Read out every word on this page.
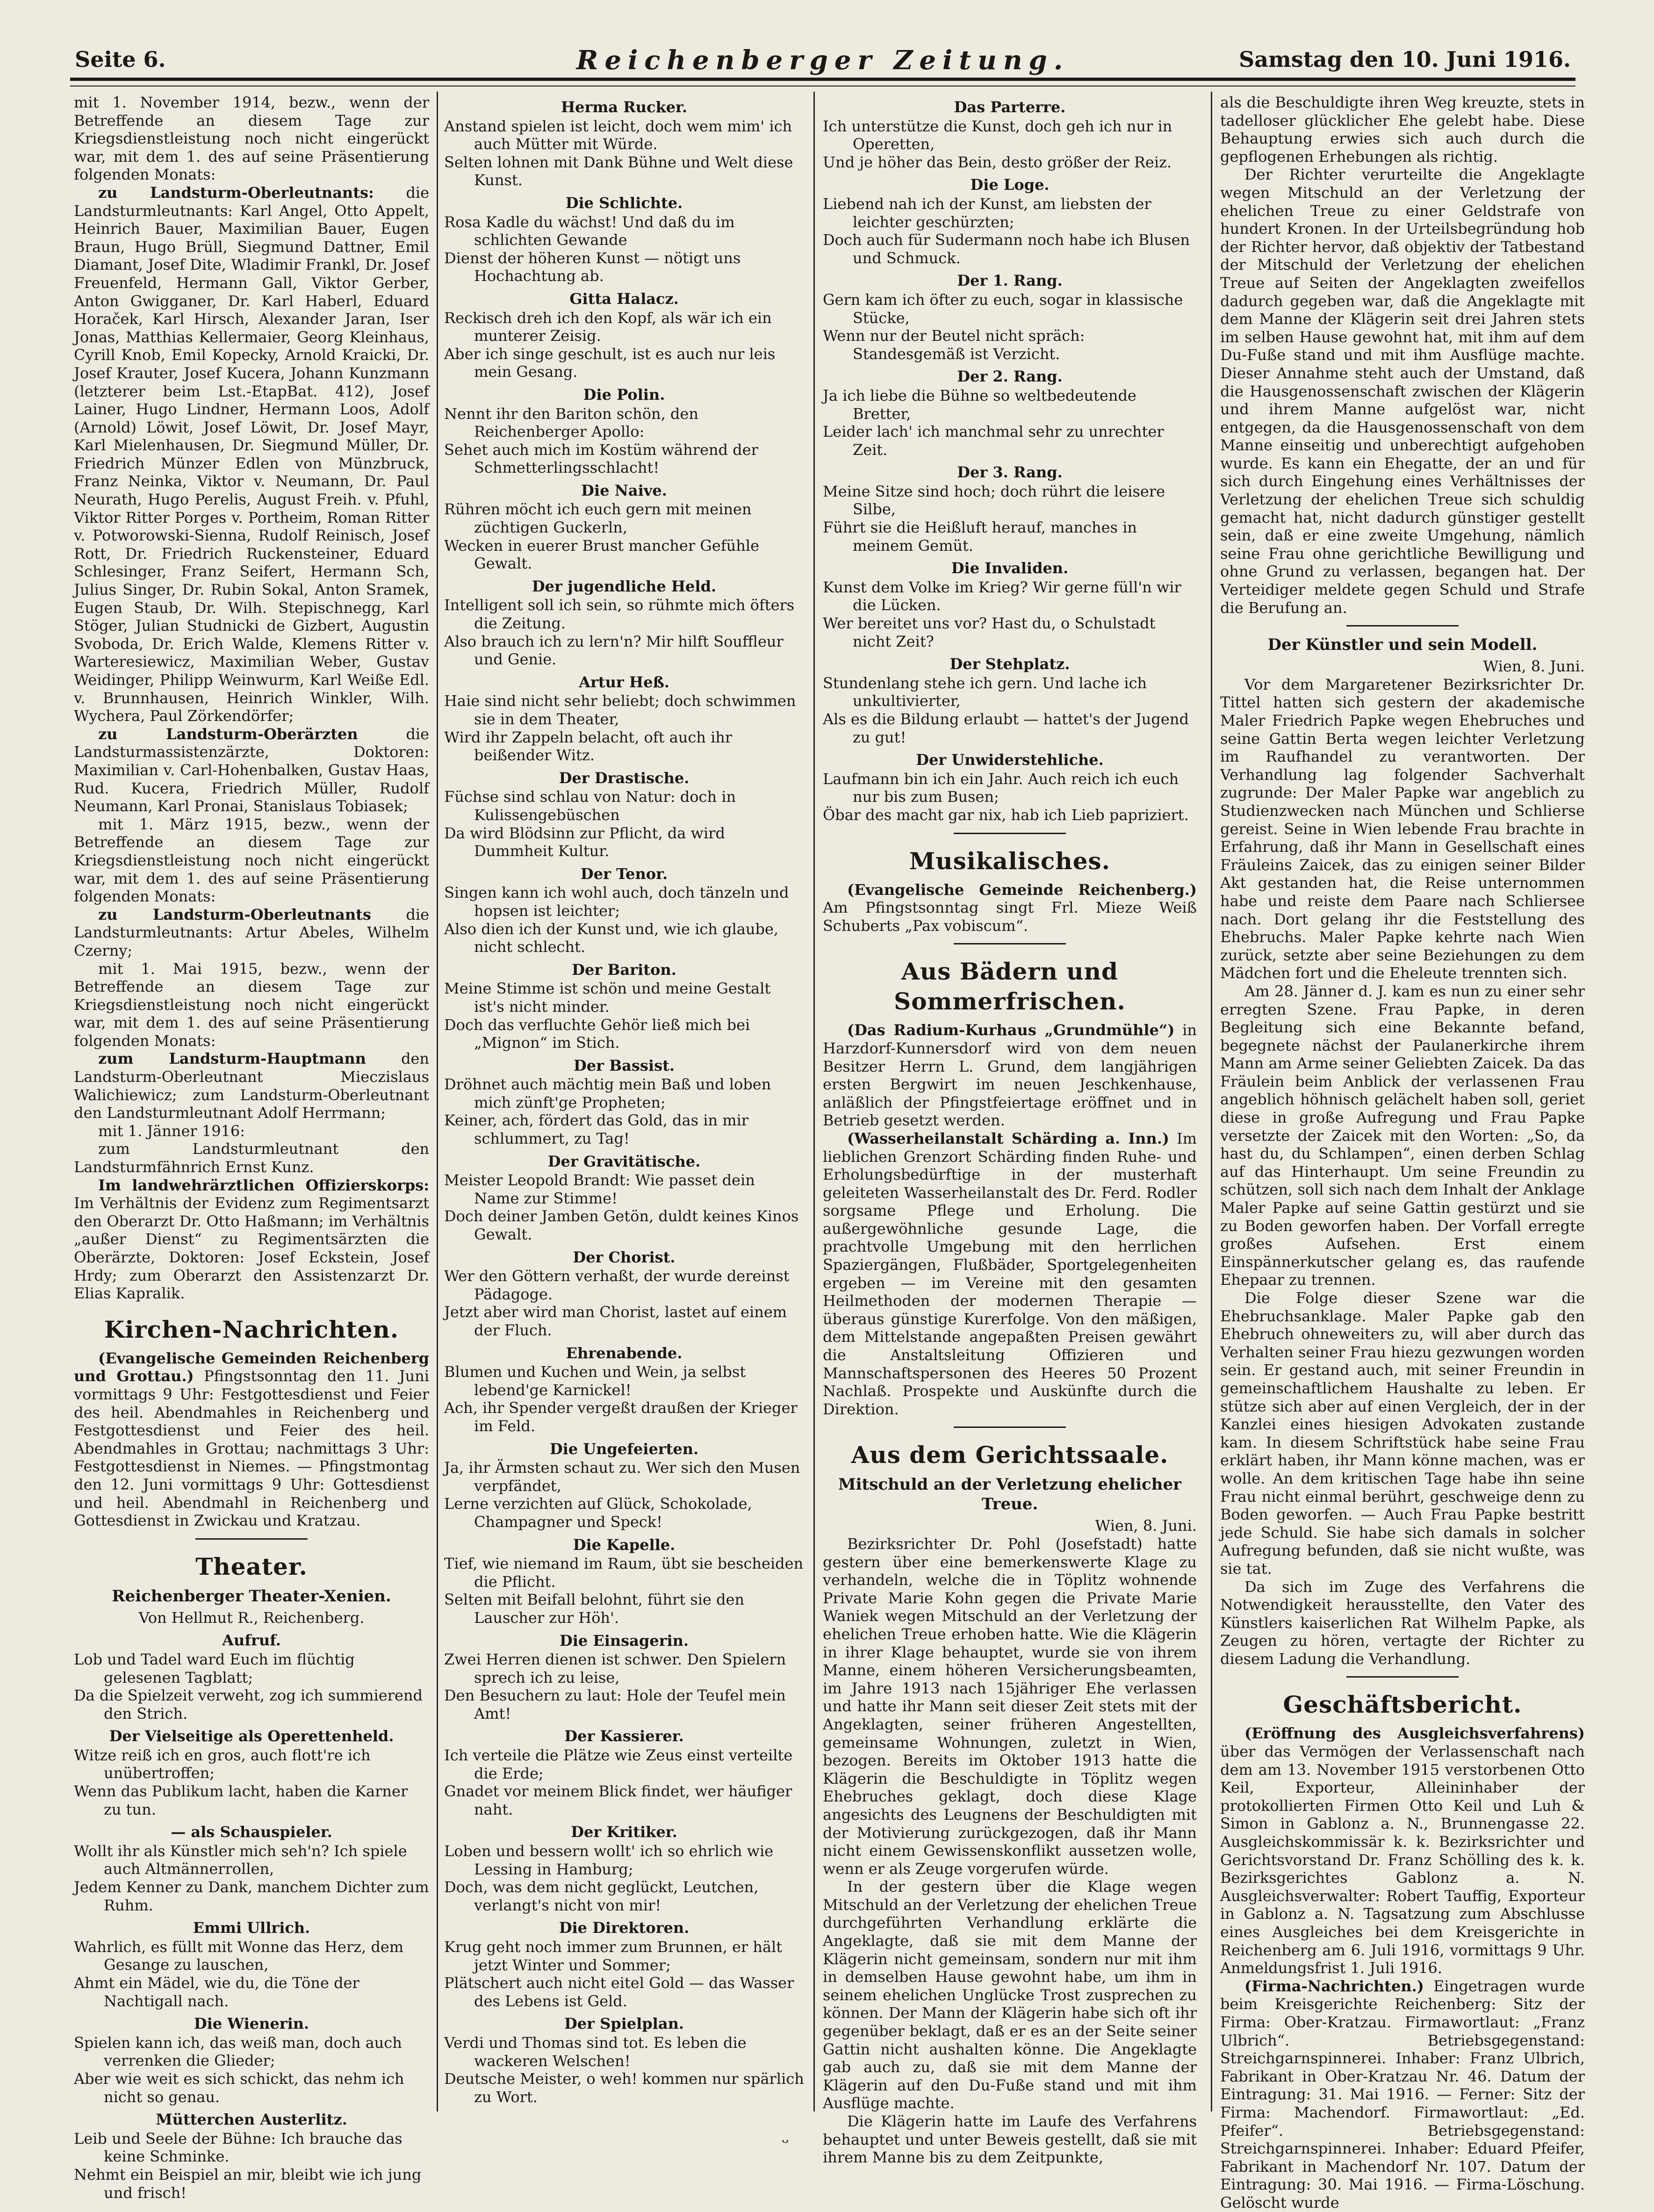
Seite 6.	Reichenberger Zeitung.	Samstag den 10. Juni 1916.

mit 1. November 1914, bezw., wenn der Betreffende an diesem Tage zur Kriegsdienstleistung noch nicht eingerückt war, mit dem 1. des auf seine Präsentierung folgenden Monats:

zu Landsturm-Oberleutnants: die Landsturmleutnants: Karl Angel, Otto Appelt, Heinrich Bauer, Maximilian Bauer, Eugen Braun, Hugo Brüll, Siegmund Dattner, Emil Diamant, Josef Dite, Wladimir Frankl, Dr. Josef Freuenfeld, Hermann Gall, Viktor Gerber, Anton Gwigganer, Dr. Karl Haberl, Eduard Horaček, Karl Hirsch, Alexander Jaran, Iser Jonas, Matthias Kellermaier, Georg Kleinhaus, Cyrill Knob, Emil Kopecky, Arnold Kraicki, Dr. Josef Krauter, Josef Kucera, Johann Kunzmann (letzterer beim Lst.-EtapBat. 412), Josef Lainer, Hugo Lindner, Hermann Loos, Adolf (Arnold) Löwit, Josef Löwit, Dr. Josef Mayr, Karl Mielenhausen, Dr. Siegmund Müller, Dr. Friedrich Münzer Edlen von Münzbruck, Franz Neinka, Viktor v. Neumann, Dr. Paul Neurath, Hugo Perelis, August Freih. v. Pfuhl, Viktor Ritter Porges v. Portheim, Roman Ritter v. Potworowski-Sienna, Rudolf Reinisch, Josef Rott, Dr. Friedrich Ruckensteiner, Eduard Schlesinger, Franz Seifert, Hermann Sch, Julius Singer, Dr. Rubin Sokal, Anton Sramek, Eugen Staub, Dr. Wilh. Stepischnegg, Karl Stöger, Julian Studnicki de Gizbert, Augustin Svoboda, Dr. Erich Walde, Klemens Ritter v. Warteresiewicz, Maximilian Weber, Gustav Weidinger, Philipp Weinwurm, Karl Weiße Edl. v. Brunnhausen, Heinrich Winkler, Wilh. Wychera, Paul Zörkendörfer;

zu Landsturm-Oberärzten	die Landsturmassistenzärzte, Doktoren: Maximilian v. Carl-Hohenbalken, Gustav Haas, Rud. Kucera, Friedrich Müller, Rudolf Neumann, Karl Pronai, Stanislaus Tobiasek;

mit 1. März 1915, bezw., wenn der Betreffende an diesem Tage zur Kriegsdienstleistung noch nicht eingerückt war, mit dem 1. des auf seine Präsentierung folgenden Monats:

zu Landsturm-Oberleutnants die Landsturmleutnants: Artur Abeles, Wilhelm Czerny;

mit 1. Mai 1915, bezw., wenn der Betreffende an diesem Tage zur Kriegsdienstleistung noch nicht eingerückt war, mit dem 1. des auf seine Präsentierung folgenden Monats:

zum Landsturm-Hauptmann den Landsturm-Oberleutnant Mieczislaus Walichiewicz; zum Landsturm-Oberleutnant den Landsturmleutnant Adolf Herrmann;

mit 1. Jänner 1916:

zum Landsturmleutnant den Landsturmfähnrich Ernst Kunz.

Im landwehrärztlichen Offizierskorps: Im Verhältnis der Evidenz zum Regimentsarzt den Oberarzt Dr. Otto Haßmann; im Verhältnis „außer Dienst“ zu Regimentsärzten die Oberärzte, Doktoren: Josef Eckstein, Josef Hrdy; zum Oberarzt den Assistenzarzt Dr. Elias Kapralik.

Kirchen-Nachrichten.

(Evangelische Gemeinden Reichenberg und Grottau.) Pfingstsonntag den 11. Juni vormittags 9 Uhr: Festgottesdienst und Feier des heil. Abendmahles in Reichenberg und Festgottesdienst und Feier des heil. Abendmahles in Grottau; nachmittags 3 Uhr: Festgottesdienst in Niemes. — Pfingstmontag den 12. Juni vormittags 9 Uhr: Gottesdienst und heil. Abendmahl in Reichenberg und Gottesdienst in Zwickau und Kratzau.

Theater.
Reichenberger Theater-Xenien.

Von Hellmut R., Reichenberg.

Aufruf.

Lob und Tadel ward Euch im flüchtig gelesenen Tagblatt;

Da die Spielzeit verweht, zog ich summierend den Strich.

Der Vielseitige als Operettenheld.

Witze reiß ich en gros, auch flott're ich unübertroffen;

Wenn das Publikum lacht, haben die Karner zu tun.

— als Schauspieler.

Wollt ihr als Künstler mich seh'n? Ich spiele auch Altmännerrollen,

Jedem Kenner zu Dank, manchem Dichter zum Ruhm.

Emmi Ullrich.

Wahrlich, es füllt mit Wonne das Herz, dem Gesange zu lauschen,

Ahmt ein Mädel, wie du, die Töne der Nachtigall nach.

Die Wienerin.

Spielen kann ich, das weiß man, doch auch verrenken die Glieder;

Aber wie weit es sich schickt, das nehm ich nicht so genau.

Mütterchen Austerlitz.

Leib und Seele der Bühne: Ich brauche das keine Schminke.

Nehmt ein Beispiel an mir, bleibt wie ich jung und frisch!

Herma Rucker.

Anstand spielen ist leicht, doch wem mim' ich auch Mütter mit Würde.

Selten lohnen mit Dank Bühne und Welt diese Kunst.

Die Schlichte.

Rosa Kadle du wächst! Und daß du im schlichten Gewande

Dienst der höheren Kunst — nötigt uns Hochachtung ab.

Gitta Halacz.

Reckisch dreh ich den Kopf, als wär ich ein munterer Zeisig.

Aber ich singe geschult, ist es auch nur leis mein Gesang.

Die Polin.

Nennt ihr den Bariton schön, den Reichenberger Apollo:

Sehet auch mich im Kostüm während der Schmetterlingsschlacht!

Die Naive.

Rühren möcht ich euch gern mit meinen züchtigen Guckerln,

Wecken in euerer Brust mancher Gefühle Gewalt.

Der jugendliche Held.

Intelligent soll ich sein, so rühmte mich öfters die Zeitung.

Also brauch ich zu lern'n? Mir hilft Souffleur und Genie.

Artur Heß.

Haie sind nicht sehr beliebt; doch schwimmen sie in dem Theater,

Wird ihr Zappeln belacht, oft auch ihr beißender Witz.

Der Drastische.

Füchse sind schlau von Natur: doch in Kulissengebüschen

Da wird Blödsinn zur Pflicht, da wird Dummheit Kultur.

Der Tenor.

Singen kann ich wohl auch, doch tänzeln und hopsen ist leichter;

Also dien ich der Kunst und, wie ich glaube, nicht schlecht.

Der Bariton.

Meine Stimme ist schön und meine Gestalt ist's nicht minder.

Doch das verfluchte Gehör ließ mich bei „Mignon“ im Stich.

Der Bassist.

Dröhnet auch mächtig mein Baß und loben mich zünft'ge Propheten;

Keiner, ach, fördert das Gold, das in mir schlummert, zu Tag!

Der Gravitätische.

Meister Leopold Brandt: Wie passet dein Name zur Stimme!

Doch deiner Jamben Getön, duldt keines Kinos Gewalt.

Der Chorist.

Wer den Göttern verhaßt, der wurde dereinst Pädagoge.

Jetzt aber wird man Chorist, lastet auf einem der Fluch.

Ehrenabende.

Blumen und Kuchen und Wein, ja selbst lebend'ge Karnickel!

Ach, ihr Spender vergeßt draußen der Krieger im Feld.

Die Ungefeierten.

Ja, ihr Ärmsten schaut zu. Wer sich den Musen verpfändet,

Lerne verzichten auf Glück, Schokolade, Champagner und Speck!

Die Kapelle.

Tief, wie niemand im Raum, übt sie bescheiden die Pflicht.

Selten mit Beifall belohnt, führt sie den Lauscher zur Höh'.

Die Einsagerin.

Zwei Herren dienen ist schwer. Den Spielern sprech ich zu leise,

Den Besuchern zu laut: Hole der Teufel mein Amt!

Der Kassierer.

Ich verteile die Plätze wie Zeus einst verteilte die Erde;

Gnadet vor meinem Blick findet, wer häufiger naht.

Der Kritiker.

Loben und bessern wollt' ich so ehrlich wie Lessing in Hamburg;

Doch, was dem nicht geglückt, Leutchen, verlangt's nicht von mir!

Die Direktoren.

Krug geht noch immer zum Brunnen, er hält jetzt Winter und Sommer;

Plätschert auch nicht eitel Gold — das Wasser des Lebens ist Geld.

Der Spielplan.

Verdi und Thomas sind tot. Es leben die wackeren Welschen!

Deutsche Meister, o weh! kommen nur spärlich zu Wort.

Das Parterre.

Ich unterstütze die Kunst, doch geh ich nur in Operetten,

Und je höher das Bein, desto größer der Reiz.

Die Loge.

Liebend nah ich der Kunst, am liebsten der leichter geschürzten;

Doch auch für Sudermann noch habe ich Blusen und Schmuck.

Der 1. Rang.

Gern kam ich öfter zu euch, sogar in klassische Stücke,

Wenn nur der Beutel nicht spräch: Standesgemäß ist Verzicht.

Der 2. Rang.

Ja ich liebe die Bühne so weltbedeutende Bretter,

Leider lach' ich manchmal sehr zu unrechter Zeit.

Der 3. Rang.

Meine Sitze sind hoch; doch rührt die leisere Silbe,

Führt sie die Heißluft herauf, manches in meinem Gemüt.

Die Invaliden.

Kunst dem Volke im Krieg? Wir gerne füll'n wir die Lücken.

Wer bereitet uns vor? Hast du, o Schulstadt nicht Zeit?

Der Stehplatz.

Stundenlang stehe ich gern. Und lache ich unkultivierter,

Als es die Bildung erlaubt — hattet's der Jugend zu gut!

Der Unwiderstehliche.

Laufmann bin ich ein Jahr. Auch reich ich euch nur bis zum Busen;

Öbar des macht gar nix, hab ich Lieb papriziert.

Musikalisches.

(Evangelische Gemeinde Reichenberg.) Am Pfingstsonntag singt Frl. Mieze Weiß Schuberts „Pax vobiscum“.

Aus Bädern und Sommerfrischen.

(Das Radium-Kurhaus „Grundmühle“) in Harzdorf-Kunnersdorf wird von dem neuen Besitzer Herrn L. Grund, dem langjährigen ersten Bergwirt im neuen Jeschkenhause, anläßlich der Pfingstfeiertage eröffnet und in Betrieb gesetzt werden.

(Wasserheilanstalt Schärding a. Inn.) Im lieblichen Grenzort Schärding finden Ruhe- und Erholungsbedürftige in der musterhaft geleiteten Wasserheilanstalt des Dr. Ferd. Rodler sorgsame Pflege und Erholung. Die außergewöhnliche gesunde Lage, die prachtvolle Umgebung mit den herrlichen Spaziergängen, Flußbäder, Sportgelegenheiten ergeben — im Vereine mit den gesamten Heilmethoden der modernen Therapie — überaus günstige Kurerfolge. Von den mäßigen, dem Mittelstande angepaßten Preisen gewährt die Anstaltsleitung Offizieren und Mannschaftspersonen des Heeres 50 Prozent Nachlaß. Prospekte und Auskünfte durch die Direktion.

Aus dem Gerichtssaale.
Mitschuld an der Verletzung ehelicher Treue.

Wien, 8. Juni.

Bezirksrichter Dr. Pohl (Josefstadt) hatte gestern über eine bemerkenswerte Klage zu verhandeln, welche die in Töplitz wohnende Private Marie Kohn gegen die Private Marie Waniek wegen Mitschuld an der Verletzung der ehelichen Treue erhoben hatte. Wie die Klägerin in ihrer Klage behauptet, wurde sie von ihrem Manne, einem höheren Versicherungsbeamten, im Jahre 1913 nach 15jähriger Ehe verlassen und hatte ihr Mann seit dieser Zeit stets mit der Angeklagten, seiner früheren Angestellten, gemeinsame Wohnungen, zuletzt in Wien, bezogen. Bereits im Oktober 1913 hatte die Klägerin die Beschuldigte in Töplitz wegen Ehebruches geklagt, doch diese Klage angesichts des Leugnens der Beschuldigten mit der Motivierung zurückgezogen, daß ihr Mann nicht einem Gewissenskonflikt aussetzen wolle, wenn er als Zeuge vorgerufen würde.

In der gestern über die Klage wegen Mitschuld an der Verletzung der ehelichen Treue durchgeführten Verhandlung erklärte die Angeklagte, daß sie mit dem Manne der Klägerin nicht gemeinsam, sondern nur mit ihm in demselben Hause gewohnt habe, um ihm in seinem ehelichen Unglücke Trost zusprechen zu können. Der Mann der Klägerin habe sich oft ihr gegenüber beklagt, daß er es an der Seite seiner Gattin nicht aushalten könne. Die Angeklagte gab auch zu, daß sie mit dem Manne der Klägerin auf den Du-Fuße stand und mit ihm Ausflüge machte.

Die Klägerin hatte im Laufe des Verfahrens behauptet und unter Beweis gestellt, daß sie mit ihrem Manne bis zu dem Zeitpunkte,

als die Beschuldigte ihren Weg kreuzte, stets in tadelloser glücklicher Ehe gelebt habe. Diese Behauptung erwies sich auch durch die gepflogenen Erhebungen als richtig.

Der Richter verurteilte die Angeklagte wegen Mitschuld an der Verletzung der ehelichen Treue zu einer Geldstrafe von hundert Kronen. In der Urteilsbegründung hob der Richter hervor, daß objektiv der Tatbestand der Mitschuld der Verletzung der ehelichen Treue auf Seiten der Angeklagten zweifellos dadurch gegeben war, daß die Angeklagte mit dem Manne der Klägerin seit drei Jahren stets im selben Hause gewohnt hat, mit ihm auf dem Du-Fuße stand und mit ihm Ausflüge machte. Dieser Annahme steht auch der Umstand, daß die Hausgenossenschaft zwischen der Klägerin und ihrem Manne aufgelöst war, nicht entgegen, da die Hausgenossenschaft von dem Manne einseitig und unberechtigt aufgehoben wurde. Es kann ein Ehegatte, der an und für sich durch Eingehung eines Verhältnisses der Verletzung der ehelichen Treue sich schuldig gemacht hat, nicht dadurch günstiger gestellt sein, daß er eine zweite Umgehung, nämlich seine Frau ohne gerichtliche Bewilligung und ohne Grund zu verlassen, begangen hat. Der Verteidiger meldete gegen Schuld und Strafe die Berufung an.

Der Künstler und sein Modell.

Wien, 8. Juni.

Vor dem Margaretener Bezirksrichter Dr. Tittel hatten sich gestern der akademische Maler Friedrich Papke wegen Ehebruches und seine Gattin Berta wegen leichter Verletzung im Raufhandel zu verantworten. Der Verhandlung lag folgender Sachverhalt zugrunde: Der Maler Papke war angeblich zu Studienzwecken nach München und Schlierse gereist. Seine in Wien lebende Frau brachte in Erfahrung, daß ihr Mann in Gesellschaft eines Fräuleins Zaicek, das zu einigen seiner Bilder Akt gestanden hat, die Reise unternommen habe und reiste dem Paare nach Schliersee nach. Dort gelang ihr die Feststellung des Ehebruchs. Maler Papke kehrte nach Wien zurück, setzte aber seine Beziehungen zu dem Mädchen fort und die Eheleute trennten sich.

Am 28. Jänner d. J. kam es nun zu einer sehr erregten Szene. Frau Papke, in deren Begleitung sich eine Bekannte befand, begegnete nächst der Paulanerkirche ihrem Mann am Arme seiner Geliebten Zaicek. Da das Fräulein beim Anblick der verlassenen Frau angeblich höhnisch gelächelt haben soll, geriet diese in große Aufregung und Frau Papke versetzte der Zaicek mit den Worten: „So, da hast du, du Schlampen“, einen derben Schlag auf das Hinterhaupt. Um seine Freundin zu schützen, soll sich nach dem Inhalt der Anklage Maler Papke auf seine Gattin gestürzt und sie zu Boden geworfen haben. Der Vorfall erregte großes Aufsehen. Erst einem Einspännerkutscher gelang es, das raufende Ehepaar zu trennen.

Die Folge dieser Szene war die Ehebruchsanklage. Maler Papke gab den Ehebruch ohneweiters zu, will aber durch das Verhalten seiner Frau hiezu gezwungen worden sein. Er gestand auch, mit seiner Freundin in gemeinschaftlichem Haushalte zu leben. Er stütze sich aber auf einen Vergleich, der in der Kanzlei eines hiesigen Advokaten zustande kam. In diesem Schriftstück habe seine Frau erklärt haben, ihr Mann könne machen, was er wolle. An dem kritischen Tage habe ihn seine Frau nicht einmal berührt, geschweige denn zu Boden geworfen. — Auch Frau Papke bestritt jede Schuld. Sie habe sich damals in solcher Aufregung befunden, daß sie nicht wußte, was sie tat.

Da sich im Zuge des Verfahrens die Notwendigkeit herausstellte, den Vater des Künstlers kaiserlichen Rat Wilhelm Papke, als Zeugen zu hören, vertagte der Richter zu diesem Ladung die Verhandlung.

Geschäftsbericht.

(Eröffnung des Ausgleichsverfahrens) über das Vermögen der Verlassenschaft nach dem am 13. November 1915 verstorbenen Otto Keil, Exporteur, Alleininhaber der protokollierten Firmen Otto Keil und Luh & Simon in Gablonz a. N., Brunnengasse 22. Ausgleichskommissär k. k. Bezirksrichter und Gerichtsvorstand Dr. Franz Schölling des k. k. Bezirksgerichtes Gablonz a. N. Ausgleichsverwalter: Robert Tauffig, Exporteur in Gablonz a. N. Tagsatzung zum Abschlusse eines Ausgleiches bei dem Kreisgerichte in Reichenberg am 6. Juli 1916, vormittags 9 Uhr. Anmeldungsfrist 1. Juli 1916.

(Firma-Nachrichten.) Eingetragen wurde beim Kreisgerichte Reichenberg: Sitz der Firma: Ober-Kratzau. Firmawortlaut: „Franz Ulbrich“. Betriebsgegenstand: Streichgarnspinnerei. Inhaber: Franz Ulbrich, Fabrikant in Ober-Kratzau Nr. 46. Datum der Eintragung: 31. Mai 1916. — Ferner: Sitz der Firma: Machendorf. Firmawortlaut: „Ed. Pfeifer“. Betriebsgegenstand: Streichgarnspinnerei. Inhaber: Eduard Pfeifer, Fabrikant in Machendorf Nr. 107. Datum der Eintragung: 30. Mai 1916. — Firma-Löschung. Gelöscht wurde

ᵕ
